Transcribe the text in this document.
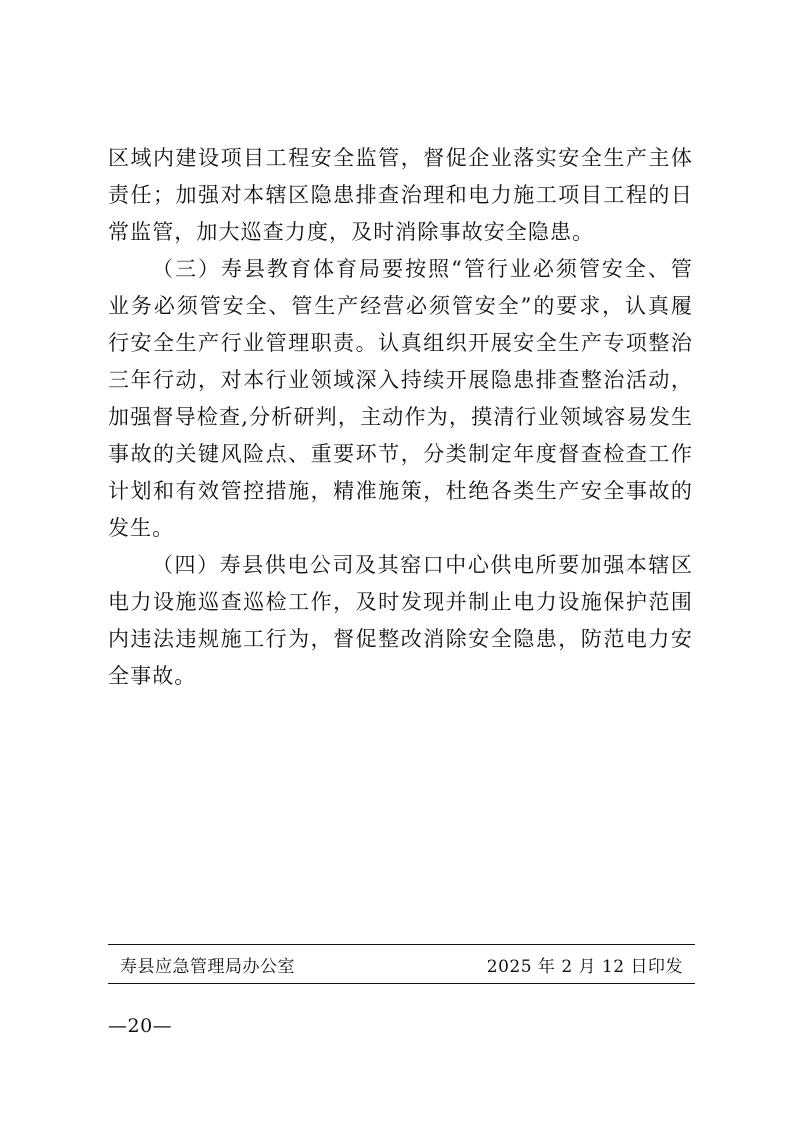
区域内建设项目工程安全监管，督促企业落实安全生产主体责任；加强对本辖区隐患排查治理和电力施工项目工程的日常监管，加大巡查力度，及时消除事故安全隐患。

（三）寿县教育体育局要按照“管行业必须管安全、管业务必须管安全、管生产经营必须管安全”的要求，认真履行安全生产行业管理职责。认真组织开展安全生产专项整治三年行动，对本行业领域深入持续开展隐患排查整治活动，加强督导检查,分析研判，主动作为，摸清行业领域容易发生事故的关键风险点、重要环节，分类制定年度督查检查工作计划和有效管控措施，精准施策，杜绝各类生产安全事故的发生。

（四）寿县供电公司及其窑口中心供电所要加强本辖区电力设施巡查巡检工作，及时发现并制止电力设施保护范围内违法违规施工行为，督促整改消除安全隐患，防范电力安全事故。

寿县应急管理局办公室	2025 年 2 月 12 日印发
—20—
